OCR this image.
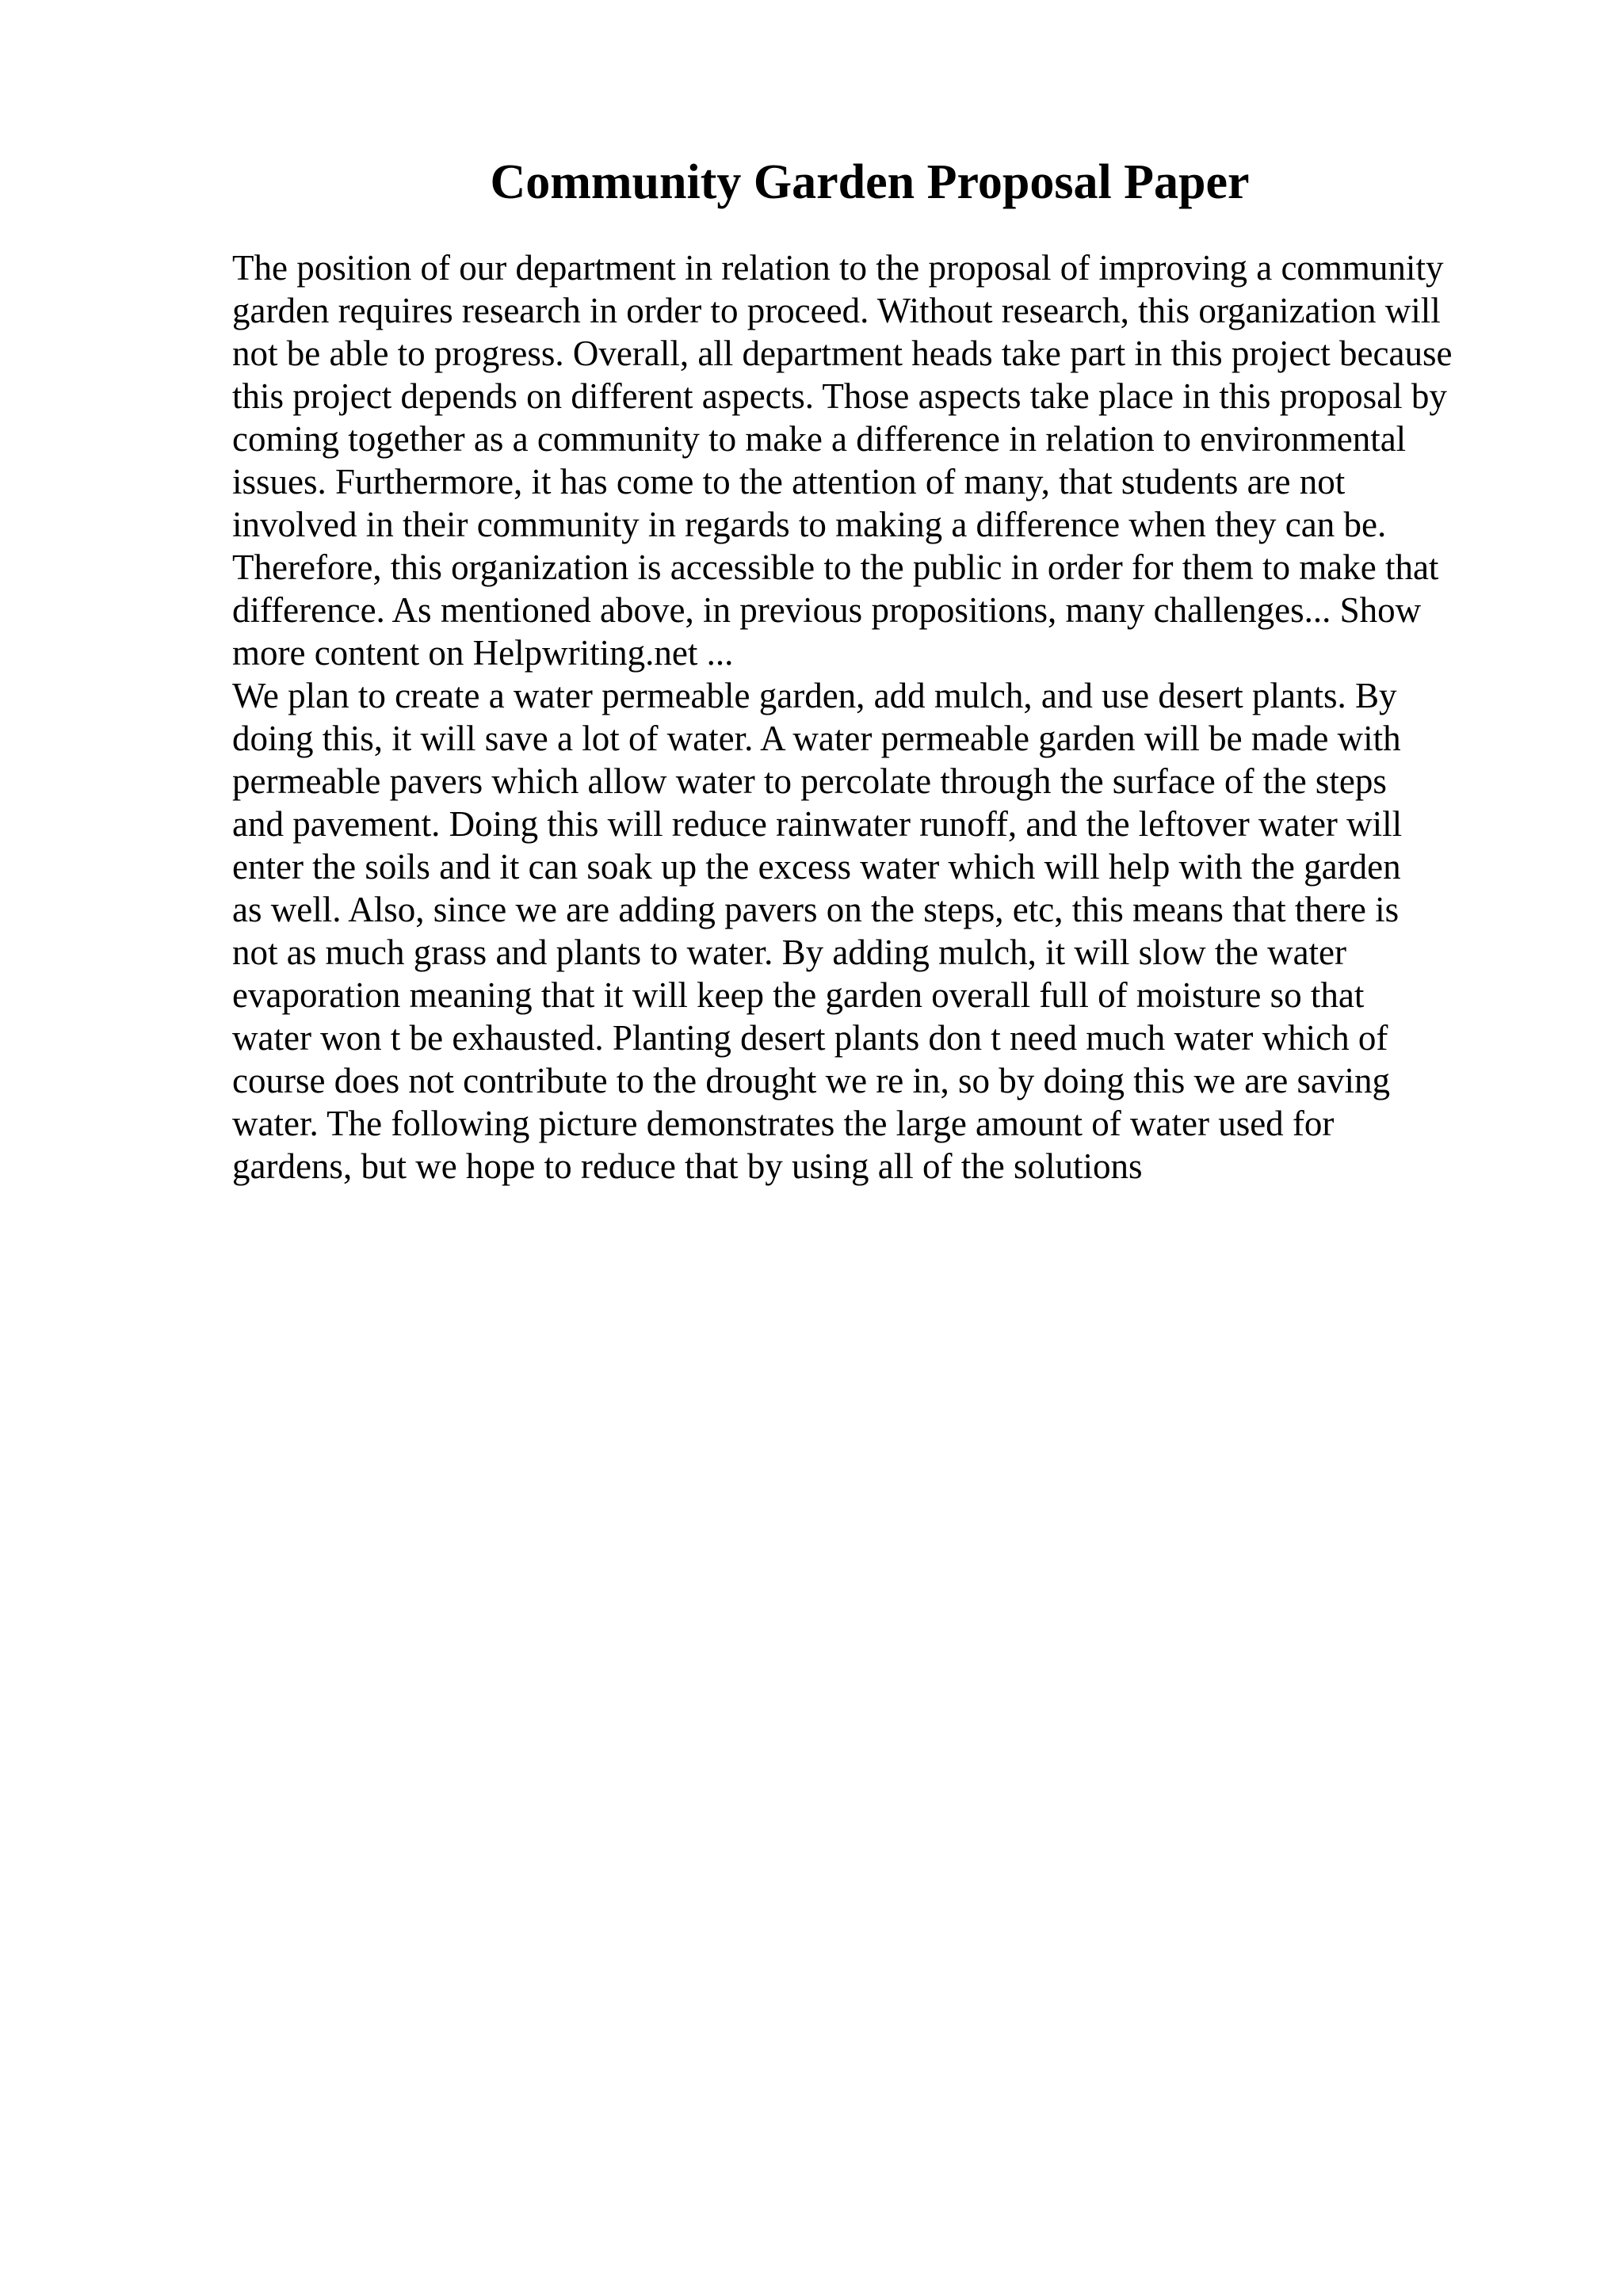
Community Garden Proposal Paper
The position of our department in relation to the proposal of improving a community
garden requires research in order to proceed. Without research, this organization will
not be able to progress. Overall, all department heads take part in this project because
this project depends on different aspects. Those aspects take place in this proposal by
coming together as a community to make a difference in relation to environmental
issues. Furthermore, it has come to the attention of many, that students are not
involved in their community in regards to making a difference when they can be.
Therefore, this organization is accessible to the public in order for them to make that
difference. As mentioned above, in previous propositions, many challenges... Show
more content on Helpwriting.net ...
We plan to create a water permeable garden, add mulch, and use desert plants. By
doing this, it will save a lot of water. A water permeable garden will be made with
permeable pavers which allow water to percolate through the surface of the steps
and pavement. Doing this will reduce rainwater runoff, and the leftover water will
enter the soils and it can soak up the excess water which will help with the garden
as well. Also, since we are adding pavers on the steps, etc, this means that there is
not as much grass and plants to water. By adding mulch, it will slow the water
evaporation meaning that it will keep the garden overall full of moisture so that
water won t be exhausted. Planting desert plants don t need much water which of
course does not contribute to the drought we re in, so by doing this we are saving
water. The following picture demonstrates the large amount of water used for
gardens, but we hope to reduce that by using all of the solutions
